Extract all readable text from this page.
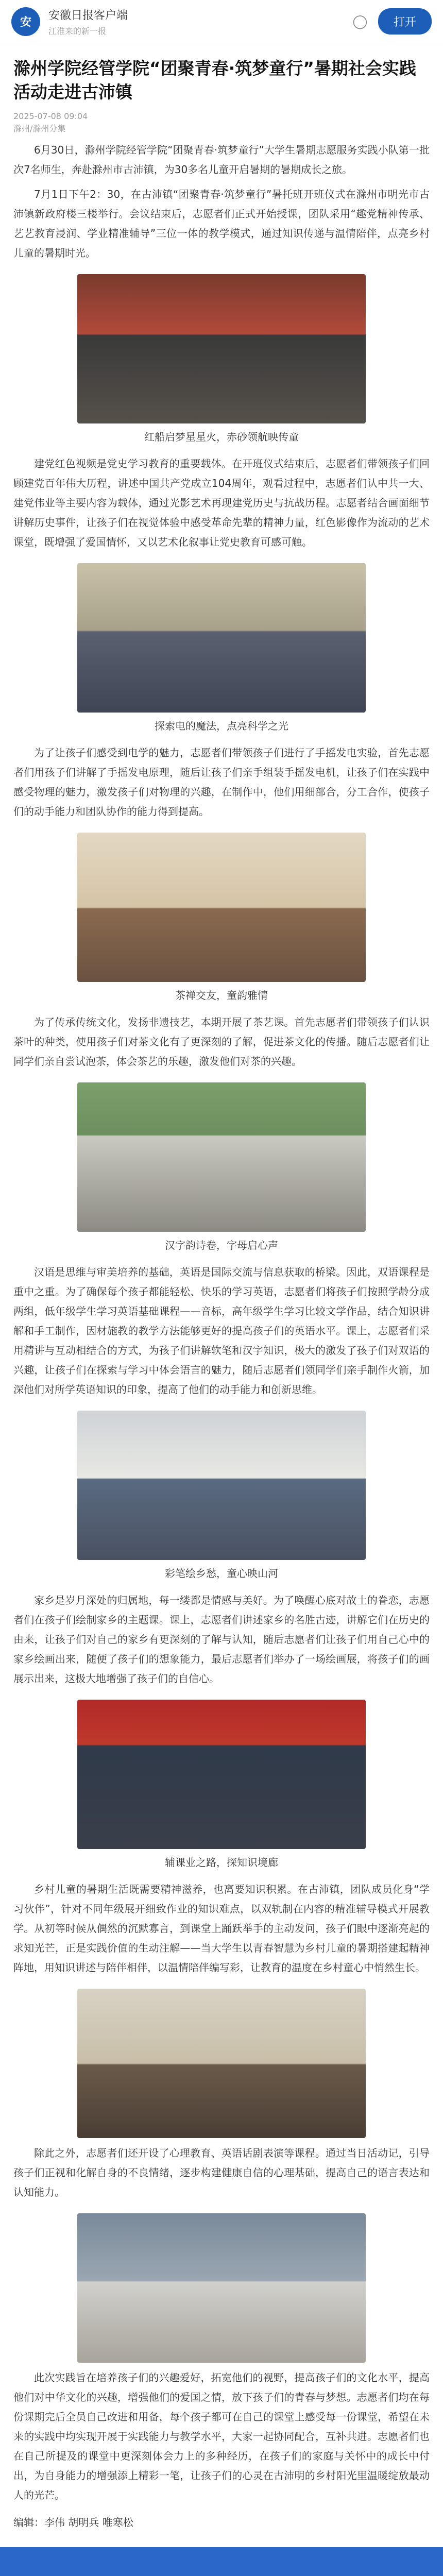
安
安徽日报客户端
江淮来的新一报
◯	打开
滁州学院经管学院“团聚青春·筑梦童行”暑期社会实践活动走进古沛镇
2025-07-08 09:04
滁州/滁州分集

6月30日，滁州学院经管学院“团聚青春·筑梦童行”大学生暑期志愿服务实践小队第一批次7名师生，奔赴滁州市古沛镇，为30多名儿童开启暑期的暑期成长之旅。

7月1日下午2：30，在古沛镇“团聚青春·筑梦童行”暑托班开班仪式在滁州市明光市古沛镇新政府楼三楼举行。会议结束后，志愿者们正式开始授课，团队采用“趣党精神传承、艺艺教育浸润、学业精准辅导”三位一体的教学模式，通过知识传递与温情陪伴，点亮乡村儿童的暑期时光。

红船启梦星星火，赤砂领航映传童

建党红色视频是党史学习教育的重要载体。在开班仪式结束后，志愿者们带领孩子们回顾建党百年伟大历程，讲述中国共产党成立104周年，观看过程中，志愿者们认中共一大、建党伟业等主要内容为载体，通过光影艺术再现建党历史与抗战历程。志愿者结合画面细节讲解历史事件，让孩子们在视觉体验中感受革命先辈的精神力量，红色影像作为流动的艺术课堂，既增强了爱国情怀，又以艺术化叙事让党史教育可感可触。

探索电的魔法，点亮科学之光

为了让孩子们感受到电学的魅力，志愿者们带领孩子们进行了手摇发电实验，首先志愿者们用孩子们讲解了手摇发电原理，随后让孩子们亲手组装手摇发电机，让孩子们在实践中感受物理的魅力，激发孩子们对物理的兴趣，在制作中，他们用细部合，分工合作，使孩子们的动手能力和团队协作的能力得到提高。

茶禅交友，童韵雅情

为了传承传统文化，发扬非遗技艺，本期开展了茶艺课。首先志愿者们带领孩子们认识茶叶的种类，使用孩子们对茶文化有了更深刻的了解，促进茶文化的传播。随后志愿者们让同学们亲自尝试泡茶，体会茶艺的乐趣，激发他们对茶的兴趣。

汉字韵诗卷，字母启心声

汉语是思维与审美培养的基础，英语是国际交流与信息获取的桥梁。因此，双语课程是重中之重。为了确保每个孩子都能轻松、快乐的学习英语，志愿者们将孩子们按照学龄分成两组，低年级学生学习英语基础课程——音标，高年级学生学习比较文学作品，结合知识讲解和手工制作，因材施教的教学方法能够更好的提高孩子们的英语水平。课上，志愿者们采用精讲与互动相结合的方式，为孩子们讲解软笔和汉字知识，极大的激发了孩子们对双语的兴趣，让孩子们在探索与学习中体会语言的魅力，随后志愿者们领同学们亲手制作火箭，加深他们对所学英语知识的印象，提高了他们的动手能力和创新思维。

彩笔绘乡愁，童心映山河

家乡是岁月深处的归属地，每一缕都是情感与美好。为了唤醒心底对故土的眷恋，志愿者们在孩子们绘制家乡的主题课。课上，志愿者们讲述家乡的名胜古迹，讲解它们在历史的由来，让孩子们对自己的家乡有更深刻的了解与认知，随后志愿者们让孩子们用自己心中的家乡绘画出来，随便了孩子们的想象能力，最后志愿者们举办了一场绘画展，将孩子们的画展示出来，这极大地增强了孩子们的自信心。

辅课业之路，探知识境廊

乡村儿童的暑期生活既需要精神滋养，也离要知识积累。在古沛镇，团队成员化身“学习伙伴”，针对不同年级展开细致作业的知识难点，以双轨制在内容的精准辅导模式开展教学。从初等时候从偶然的沉默寡言，到课堂上踊跃举手的主动发问，孩子们眼中逐渐亮起的求知光芒，正是实践价值的生动注解——当大学生以青春智慧为乡村儿童的暑期搭建起精神阵地，用知识讲述与陪伴相伴，以温情陪伴编写彩，让教育的温度在乡村童心中悄然生长。

除此之外，志愿者们还开设了心理教育、英语话剧表演等课程。通过当日活动记，引导孩子们正视和化解自身的不良情绪，逐步构建健康自信的心理基础，提高自己的语言表达和认知能力。

此次实践旨在培养孩子们的兴趣爱好，拓宽他们的视野，提高孩子们的文化水平，提高他们对中华文化的兴趣，增强他们的爱国之情，放下孩子们的青春与梦想。志愿者们均在每份课期完后全员自己改进和用备，每个孩子都可在自己的课堂上感受每一份课堂，希望在未来的实践中均实现开展于实践能力与教学水平，大家一起协同配合，互补共进。志愿者们也在自己所提及的课堂中更深刻体会力上的多种经历，在孩子们的家庭与关怀中的成长中付出，为自身能力的增强添上精彩一笔，让孩子们的心灵在古沛明的乡村阳光里温暖绽放最动人的光芒。

编辑：李伟 胡明兵 唯寒松
